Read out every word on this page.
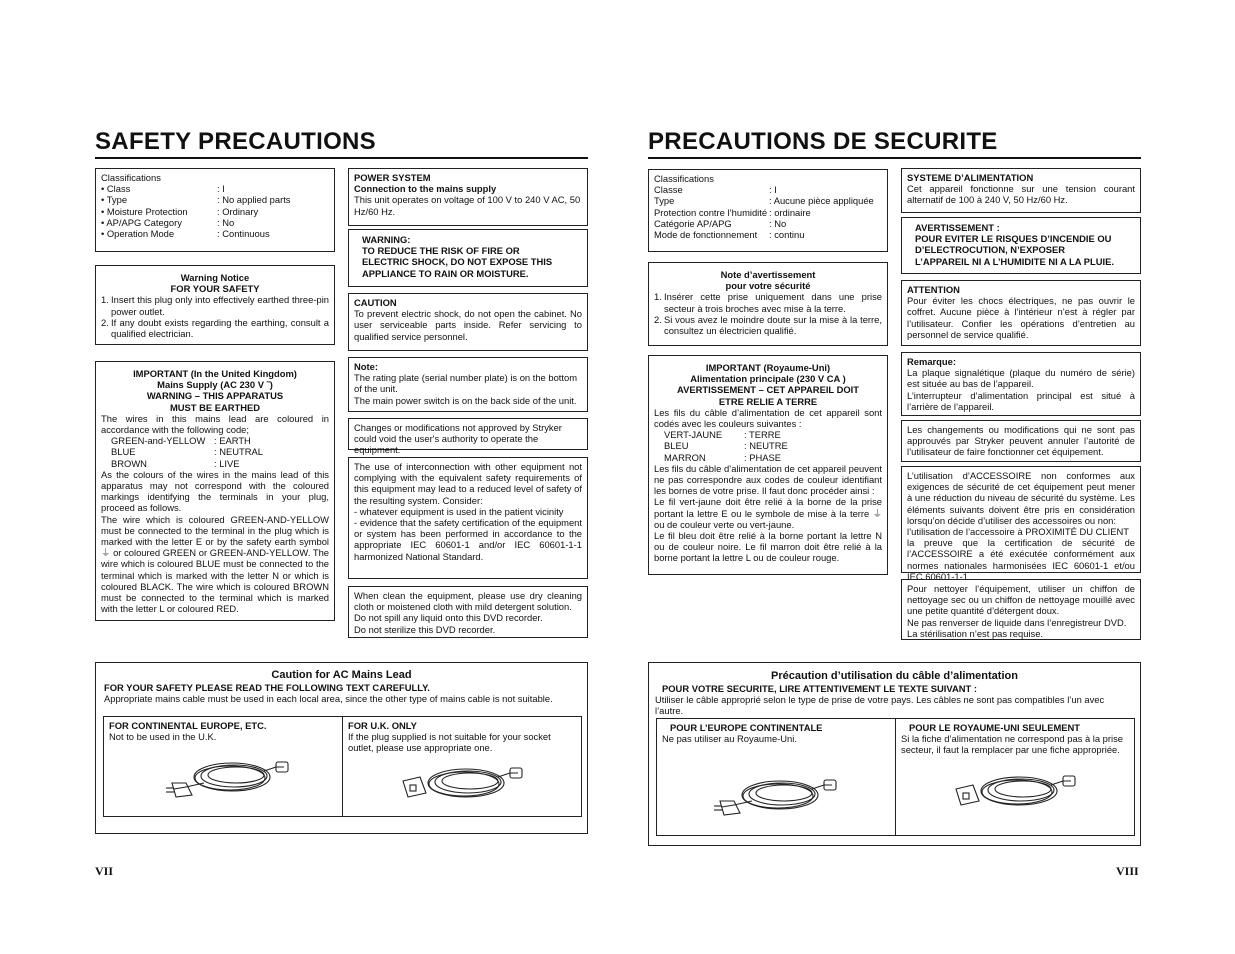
SAFETY PRECAUTIONS

Classifications

• Class	: I
• Type	: No applied parts
• Moisture Protection	: Ordinary
• AP/APG Category	: No
• Operation Mode	: Continuous

Warning Notice

FOR YOUR SAFETY

1. Insert this plug only into effectively earthed three-pin power outlet.
2. If any doubt exists regarding the earthing, consult a qualified electrician.

IMPORTANT (In the United Kingdom)

Mains Supply (AC 230 V ˜)

WARNING – THIS APPARATUS

MUST BE EARTHED

The wires in this mains lead are coloured in accordance with the following code;

GREEN-and-YELLOW : EARTH
BLUE	: NEUTRAL
BROWN	: LIVE

As the colours of the wires in the mains lead of this apparatus may not correspond with the coloured markings identifying the terminals in your plug, proceed as follows.

The wire which is coloured GREEN-AND-YELLOW must be connected to the terminal in the plug which is marked with the letter E or by the safety earth symbol ⏚ or coloured GREEN or GREEN-AND-YELLOW. The wire which is coloured BLUE must be connected to the terminal which is marked with the letter N or which is coloured BLACK. The wire which is coloured BROWN must be connected to the terminal which is marked with the letter L or coloured RED.

POWER SYSTEM

Connection to the mains supply

This unit operates on voltage of 100 V to 240 V AC, 50 Hz/60 Hz.

WARNING:

TO REDUCE THE RISK OF FIRE OR

ELECTRIC SHOCK, DO NOT EXPOSE THIS

APPLIANCE TO RAIN OR MOISTURE.

CAUTION

To prevent electric shock, do not open the cabinet. No user serviceable parts inside. Refer servicing to qualified service personnel.

Note:

The rating plate (serial number plate) is on the bottom of the unit.

The main power switch is on the back side of the unit.

Changes or modifications not approved by Stryker could void the user's authority to operate the equipment.

The use of interconnection with other equipment not complying with the equivalent safety requirements of this equipment may lead to a reduced level of safety of the resulting system. Consider:

- whatever equipment is used in the patient vicinity

- evidence that the safety certification of the equipment or system has been performed in accordance to the appropriate IEC 60601-1 and/or IEC 60601-1-1 harmonized National Standard.

When clean the equipment, please use dry cleaning cloth or moistened cloth with mild detergent solution.

Do not spill any liquid onto this DVD recorder.

Do not sterilize this DVD recorder.

Caution for AC Mains Lead

FOR YOUR SAFETY PLEASE READ THE FOLLOWING TEXT CAREFULLY.

Appropriate mains cable must be used in each local area, since the other type of mains cable is not suitable.

FOR CONTINENTAL EUROPE, ETC.

Not to be used in the U.K.

FOR U.K. ONLY

If the plug supplied is not suitable for your socket outlet, please use appropriate one.

VII
PRECAUTIONS DE SECURITE

Classifications

Classe	: I
Type	: Aucune pièce appliquée
Protection contre l’humidité : ordinaire
Catégorie AP/APG	: No
Mode de fonctionnement	: continu

Note d’avertissement

pour votre sécurité

1. Insérer cette prise uniquement dans une prise secteur à trois broches avec mise à la terre.
2. Si vous avez le moindre doute sur la mise à la terre, consultez un électricien qualifié.

IMPORTANT (Royaume-Uni)

Alimentation principale (230 V CA )

AVERTISSEMENT – CET APPAREIL DOIT

ETRE RELIE A TERRE

Les fils du câble d’alimentation de cet appareil sont codés avec les couleurs suivantes :

VERT-JAUNE	: TERRE
BLEU	: NEUTRE
MARRON	: PHASE

Les fils du câble d’alimentation de cet appareil peuvent ne pas correspondre aux codes de couleur identifiant les bornes de votre prise. Il faut donc procéder ainsi :

Le fil vert-jaune doit être relié à la borne de la prise portant la lettre E ou le symbole de mise à la terre ⏚ ou de couleur verte ou vert-jaune.

Le fil bleu doit être relié à la borne portant la lettre N ou de couleur noire. Le fil marron doit être relié à la borne portant la lettre L ou de couleur rouge.

SYSTEME D’ALIMENTATION

Cet appareil fonctionne sur une tension courant alternatif de 100 à 240 V, 50 Hz/60 Hz.

AVERTISSEMENT :

POUR EVITER LE RISQUES D’INCENDIE OU

D’ELECTROCUTION, N’EXPOSER

L’APPAREIL NI A L’HUMIDITE NI A LA PLUIE.

ATTENTION

Pour éviter les chocs électriques, ne pas ouvrir le coffret. Aucune pièce à l’intérieur n’est à régler par l’utilisateur. Confier les opérations d’entretien au personnel de service qualifié.

Remarque:

La plaque signalétique (plaque du numéro de série) est située au bas de l’appareil.

L’interrupteur d’alimentation principal est situé à l’arrière de l’appareil.

Les changements ou modifications qui ne sont pas approuvés par Stryker peuvent annuler l’autorité de l’utilisateur de faire fonctionner cet équipement.

L’utilisation d’ACCESSOIRE non conformes aux exigences de sécurité de cet équipement peut mener à une réduction du niveau de sécurité du système. Les éléments suivants doivent être pris en considération lorsqu’on décide d’utiliser des accessoires ou non:

l’utilisation de l’accessoire à PROXIMITÉ DU CLIENT

la preuve que la certification de sécurité de l’ACCESSOIRE a été exécutée conformément aux normes nationales harmonisées IEC 60601-1 et/ou IEC 60601-1-1.

Pour nettoyer l’équipement, utiliser un chiffon de nettoyage sec ou un chiffon de nettoyage mouillé avec une petite quantité d’détergent doux.

Ne pas renverser de liquide dans l’enregistreur DVD.

La stérilisation n’est pas requise.

Précaution d’utilisation du câble d’alimentation

POUR VOTRE SECURITE, LIRE ATTENTIVEMENT LE TEXTE SUIVANT :

Utiliser le câble approprié selon le type de prise de votre pays. Les câbles ne sont pas compatibles l’un avec l’autre.

POUR L’EUROPE CONTINENTALE

Ne pas utiliser au Royaume-Uni.

POUR LE ROYAUME-UNI SEULEMENT

Si la fiche d’alimentation ne correspond pas à la prise secteur, il faut la remplacer par une fiche appropriée.

VIII
